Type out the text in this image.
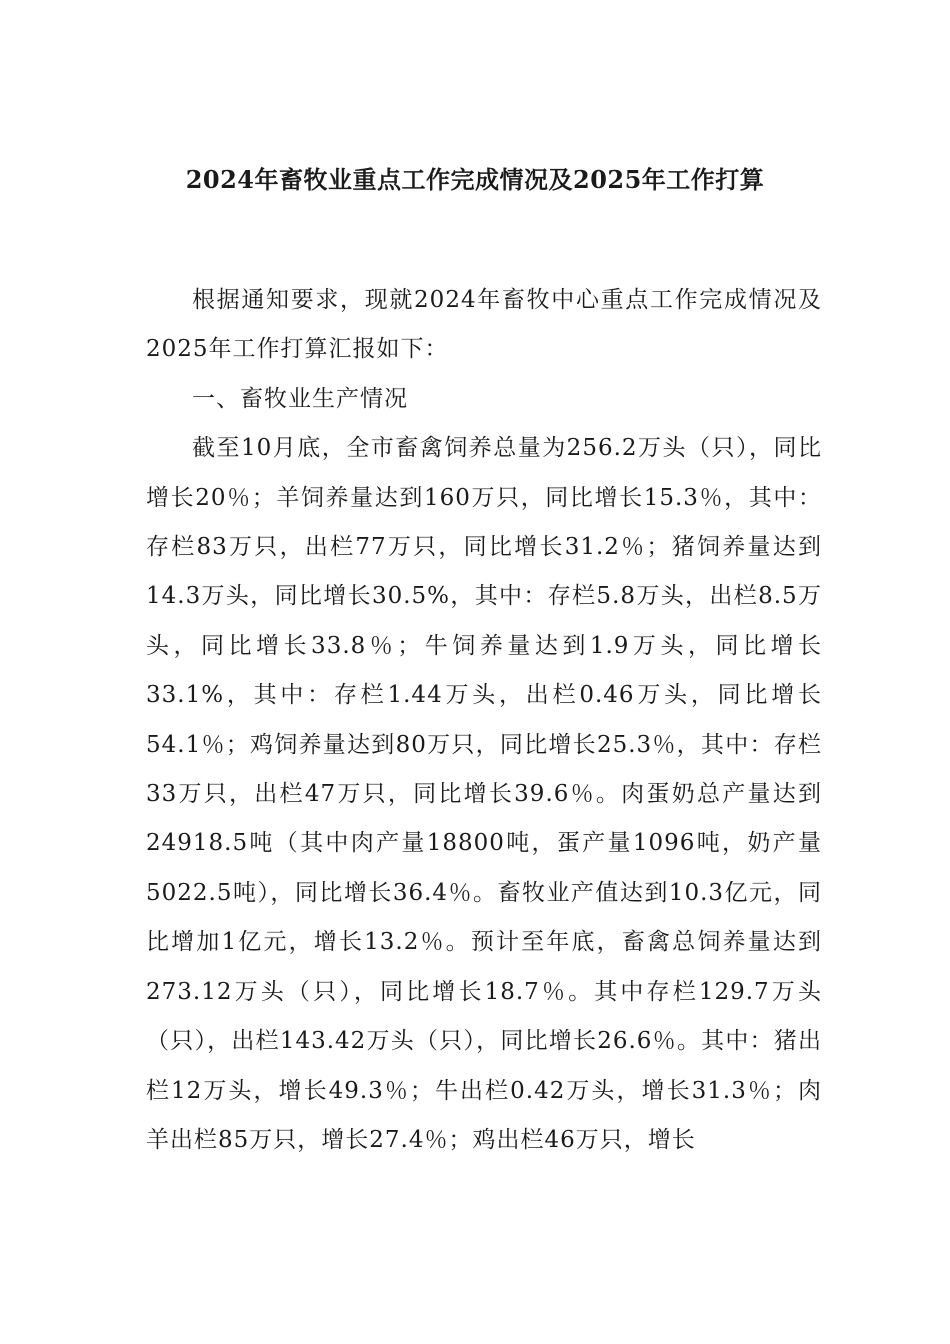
2024年畜牧业重点工作完成情况及2025年工作打算

根据通知要求，现就2024年畜牧中心重点工作完成情况及2025年工作打算汇报如下：

一、畜牧业生产情况

截至10月底，全市畜禽饲养总量为256.2万头（只），同比增长20％；羊饲养量达到160万只，同比增长15.3％，其中：存栏83万只，出栏77万只，同比增长31.2％；猪饲养量达到14.3万头，同比增长30.5%，其中：存栏5.8万头，出栏8.5万头，同比增长33.8％；牛饲养量达到1.9万头，同比增长33.1%，其中：存栏1.44万头，出栏0.46万头，同比增长54.1％；鸡饲养量达到80万只，同比增长25.3％，其中：存栏33万只，出栏47万只，同比增长39.6％。肉蛋奶总产量达到24918.5吨（其中肉产量18800吨，蛋产量1096吨，奶产量5022.5吨），同比增长36.4％。畜牧业产值达到10.3亿元，同比增加1亿元，增长13.2％。预计至年底，畜禽总饲养量达到273.12万头（只），同比增长18.7％。其中存栏129.7万头（只），出栏143.42万头（只），同比增长26.6％。其中：猪出栏12万头，增长49.3％；牛出栏0.42万头，增长31.3％；肉羊出栏85万只，增长27.4％；鸡出栏46万只，增长
